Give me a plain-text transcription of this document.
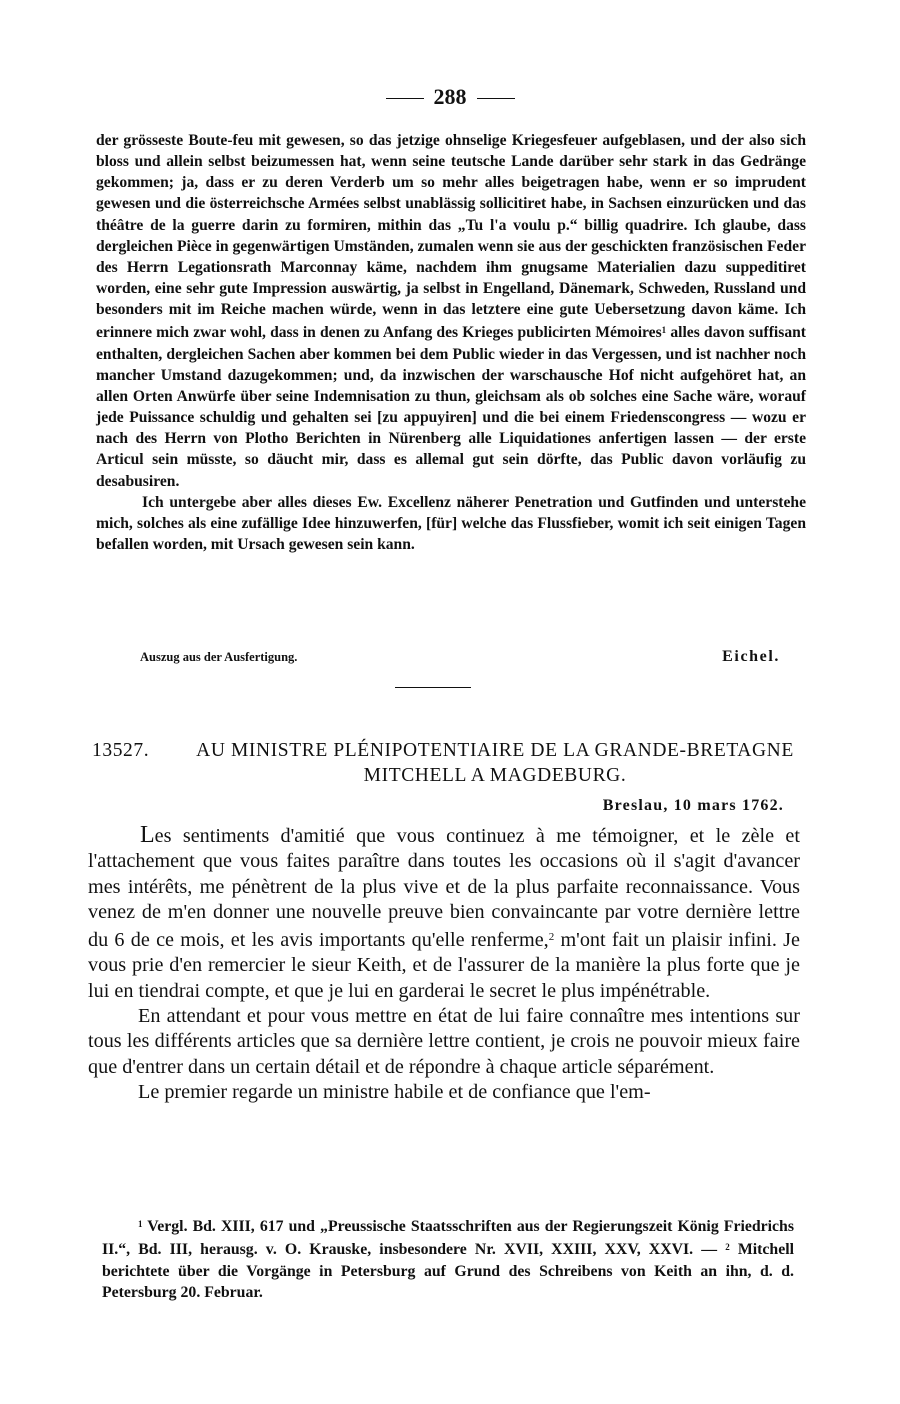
288

der grösseste Boute-feu mit gewesen, so das jetzige ohnselige Kriegesfeuer aufgeblasen, und der also sich bloss und allein selbst beizumessen hat, wenn seine teutsche Lande darüber sehr stark in das Gedränge gekommen; ja, dass er zu deren Verderb um so mehr alles beigetragen habe, wenn er so imprudent gewesen und die österreichsche Armées selbst unablässig sollicitiret habe, in Sachsen einzurücken und das théâtre de la guerre darin zu formiren, mithin das „Tu l'a voulu p.“ billig quadrire. Ich glaube, dass dergleichen Pièce in gegenwärtigen Umständen, zumalen wenn sie aus der geschickten französischen Feder des Herrn Legationsrath Marconnay käme, nachdem ihm gnugsame Materialien dazu suppeditiret worden, eine sehr gute Impression auswärtig, ja selbst in Engelland, Dänemark, Schweden, Russland und besonders mit im Reiche machen würde, wenn in das letztere eine gute Uebersetzung davon käme. Ich erinnere mich zwar wohl, dass in denen zu Anfang des Krieges publicirten Mémoires$^1$ alles davon suffisant enthalten, dergleichen Sachen aber kommen bei dem Public wieder in das Vergessen, und ist nachher noch mancher Umstand dazugekommen; und, da inzwischen der warschausche Hof nicht aufgehöret hat, an allen Orten Anwürfe über seine Indemnisation zu thun, gleichsam als ob solches eine Sache wäre, worauf jede Puissance schuldig und gehalten sei [zu appuyiren] und die bei einem Friedenscongress — wozu er nach des Herrn von Plotho Berichten in Nürenberg alle Liquidationes anfertigen lassen — der erste Articul sein müsste, so däucht mir, dass es allemal gut sein dörfte, das Public davon vorläufig zu desabusiren.

Ich untergebe aber alles dieses Ew. Excellenz näherer Penetration und Gutfinden und unterstehe mich, solches als eine zufällige Idee hinzuwerfen, [für] welche das Flussfieber, womit ich seit einigen Tagen befallen worden, mit Ursach gewesen sein kann.

Auszug aus der Ausfertigung.	Eichel.
13527.	AU MINISTRE PLÉNIPOTENTIAIRE DE LA GRANDE-BRETAGNE MITCHELL A MAGDEBURG.
Breslau, 10 mars 1762.

Les sentiments d'amitié que vous continuez à me témoigner, et le zèle et l'attachement que vous faites paraître dans toutes les occasions où il s'agit d'avancer mes intérêts, me pénètrent de la plus vive et de la plus parfaite reconnaissance. Vous venez de m'en donner une nouvelle preuve bien convaincante par votre dernière lettre du 6 de ce mois, et les avis importants qu'elle renferme,$^2$ m'ont fait un plaisir infini. Je vous prie d'en remercier le sieur Keith, et de l'assurer de la manière la plus forte que je lui en tiendrai compte, et que je lui en garderai le secret le plus impénétrable.

En attendant et pour vous mettre en état de lui faire connaître mes intentions sur tous les différents articles que sa dernière lettre contient, je crois ne pouvoir mieux faire que d'entrer dans un certain détail et de répondre à chaque article séparément.

Le premier regarde un ministre habile et de confiance que l'em-

$^1$ Vergl. Bd. XIII, 617 und „Preussische Staatsschriften aus der Regierungszeit König Friedrichs II.“, Bd. III, herausg. v. O. Krauske, insbesondere Nr. XVII, XXIII, XXV, XXVI. — $^2$ Mitchell berichtete über die Vorgänge in Petersburg auf Grund des Schreibens von Keith an ihn, d. d. Petersburg 20. Februar.
